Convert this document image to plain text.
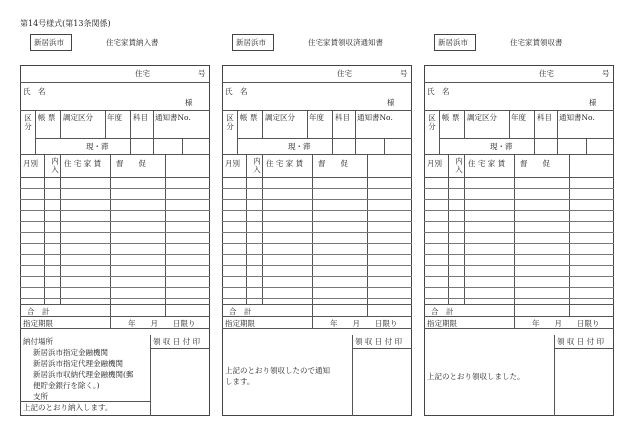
第14号様式(第13条関係)
新居浜市	住宅家賃納入書
住宅	号
氏　名
様
区分 帳 票 調定区分 年度 科目 通知書No.
現・滞
月別 内入 住 宅 家 賃 督　　促
合　計
指定期限	年　　月　　日限り
領 収 日 付 印
納付場所
新居浜市指定金融機関
新居浜市指定代理金融機関
新居浜市収納代理金融機関(郵
便貯金銀行を除く。)
支所
上記のとおり納入します。
新居浜市	住宅家賃領収済通知書
住宅	号
氏　名
様
区分 帳 票 調定区分 年度 科目 通知書No.
現・滞
月別 内入 住 宅 家 賃 督　　促
合　計
指定期限	年　　月　　日限り
領 収 日 付 印
上記のとおり領収したので通知
します。
新居浜市	住宅家賃領収書
住宅	号
氏　名
様
区分 帳 票 調定区分 年度 科目 通知書No.
現・滞
月別 内入 住 宅 家 賃 督　　促
合　計
指定期限	年　　月　　日限り
領 収 日 付 印
上記のとおり領収しました。
